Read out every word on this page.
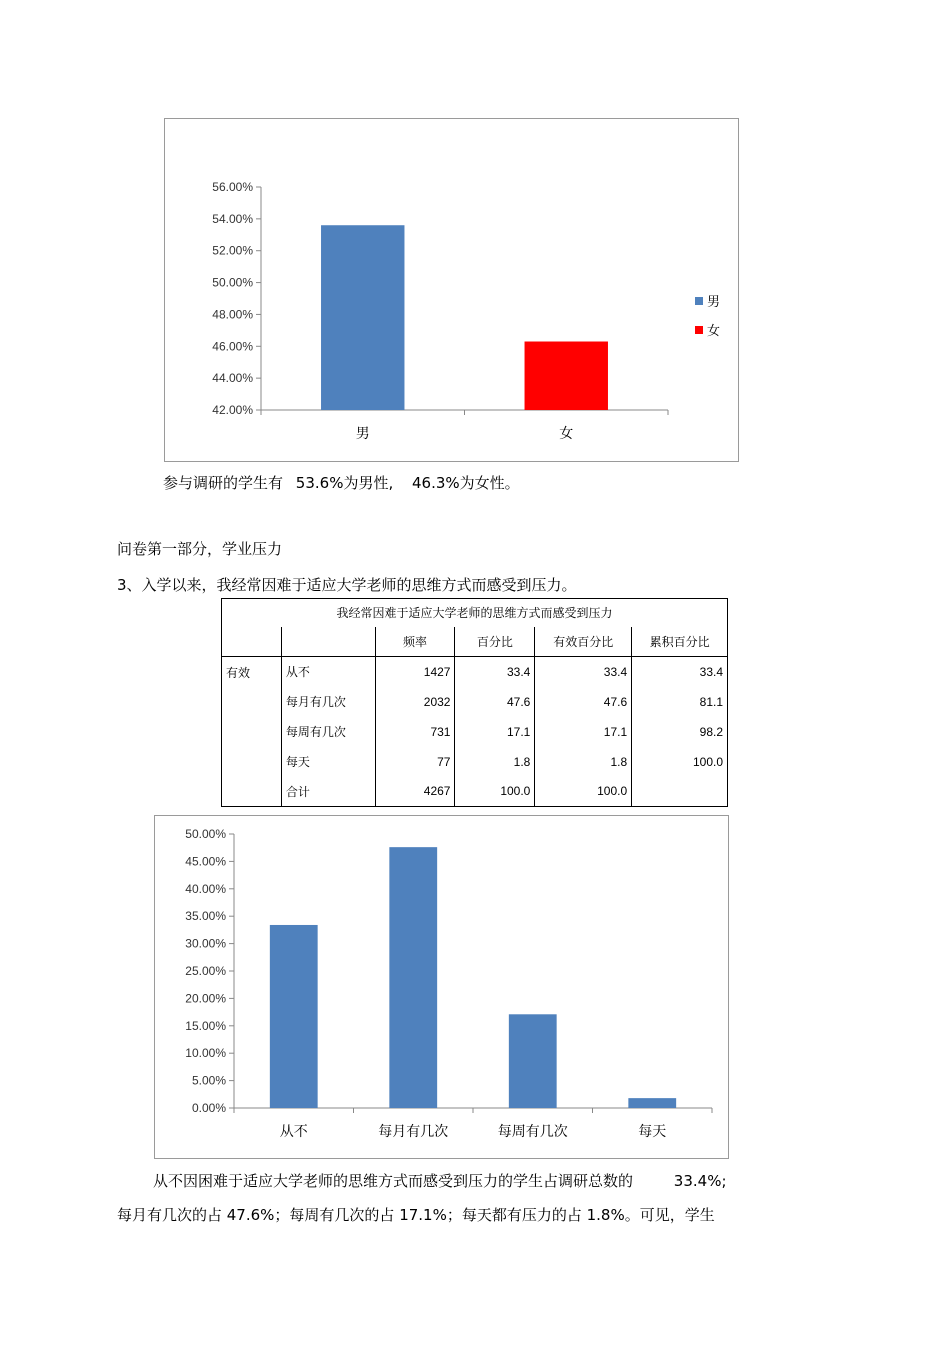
42.00%
44.00%
46.00%
48.00%
50.00%
52.00%
54.00%
56.00%
男	女
男
女
参与调研的学生有 53.6%为男性, 46.3%为女性。
问卷第一部分，学业压力
3、入学以来，我经常因难于适应大学老师的思维方式而感受到压力。
我经常因难于适应大学老师的思维方式而感受到压力					
		频率	百分比	有效百分比	累积百分比
有效	从不	1427	33.4	33.4	33.4
	每月有几次	2032	47.6	47.6	81.1
	每周有几次	731	17.1	17.1	98.2
	每天	77	1.8	1.8	100.0
	合计	4267	100.0	100.0	
0.00%
5.00%
10.00%
15.00%
20.00%
25.00%
30.00%
35.00%
40.00%
45.00%
50.00%
从不	每月有几次	每周有几次	每天
从不因困难于适应大学老师的思维方式而感受到压力的学生占调研总数的	33.4%;
每月有几次的占 47.6%；每周有几次的占 17.1%；每天都有压力的占 1.8%。可见，学生
